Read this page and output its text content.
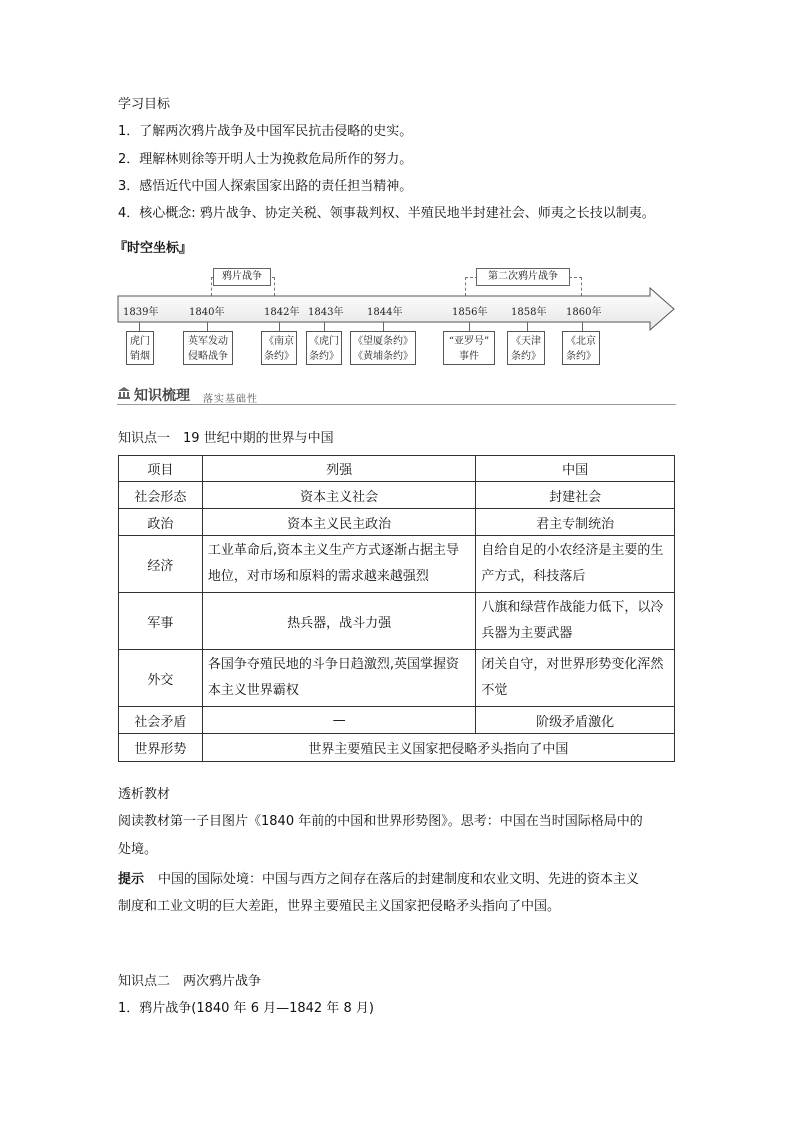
学习目标
1．了解两次鸦片战争及中国军民抗击侵略的史实。
2．理解林则徐等开明人士为挽救危局所作的努力。
3．感悟近代中国人探索国家出路的责任担当精神。
4．核心概念: 鸦片战争、协定关税、领事裁判权、半殖民地半封建社会、师夷之长技以制夷。
『时空坐标』
鸦片战争	第二次鸦片战争
1839年	1840年	1842年 1843年 1844年	1856年 1858年 1860年
虎门
销烟
英军发动
侵略战争
《南京
条约》
《虎门
条约》
《望厦条约》
《黄埔条约》
“亚罗号”
事件
《天津
条约》
《北京
条约》
知识梳理 落实基础性
知识点一　19 世纪中期的世界与中国
项目	列强	中国
社会形态	资本主义社会	封建社会
政治	资本主义民主政治	君主专制统治
经济	工业革命后,资本主义生产方式逐渐占据主导地位，对市场和原料的需求越来越强烈	自给自足的小农经济是主要的生产方式，科技落后
军事	热兵器，战斗力强	八旗和绿营作战能力低下，以冷兵器为主要武器
外交	各国争夺殖民地的斗争日趋激烈,英国掌握资本主义世界霸权	闭关自守，对世界形势变化浑然不觉
社会矛盾	—	阶级矛盾激化
世界形势	世界主要殖民主义国家把侵略矛头指向了中国	
透析教材
阅读教材第一子目图片《1840 年前的中国和世界形势图》。思考：中国在当时国际格局中的
处境。
提示 中国的国际处境：中国与西方之间存在落后的封建制度和农业文明、先进的资本主义
制度和工业文明的巨大差距，世界主要殖民主义国家把侵略矛头指向了中国。
知识点二　两次鸦片战争
1．鸦片战争(1840 年 6 月—1842 年 8 月)
